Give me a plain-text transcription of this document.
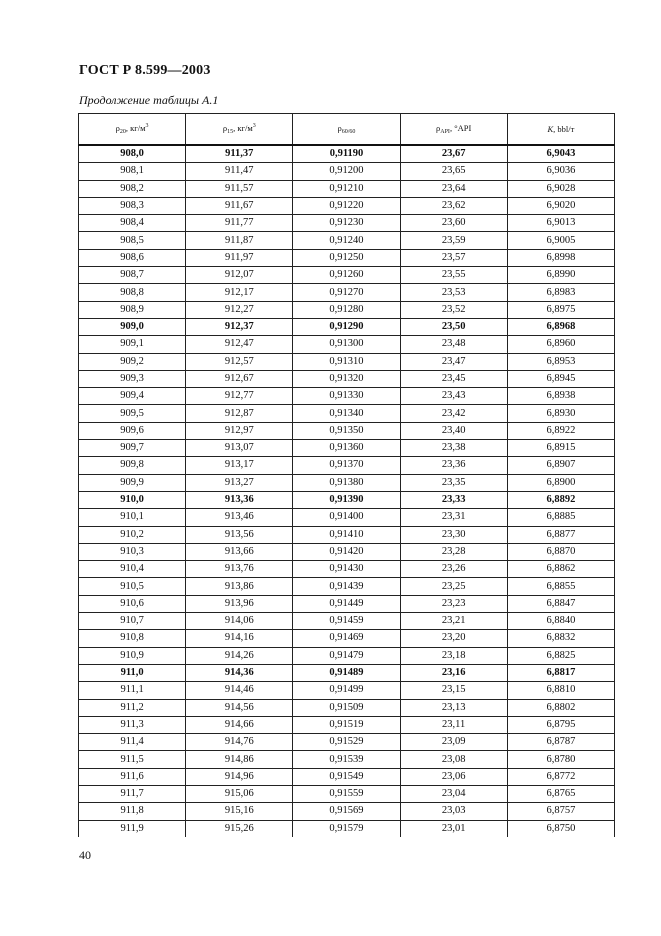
ГОСТ Р 8.599—2003
Продолжение таблицы А.1
$\rho_{20}$, $кг/м^3$	$\rho_{15}$, $кг/м^3$	$\rho_{60/60}$	$\rho_{API}$, °API	K, bbl/т
908,0	911,37	0,91190	23,67	6,9043
908,1	911,47	0,91200	23,65	6,9036
908,2	911,57	0,91210	23,64	6,9028
908,3	911,67	0,91220	23,62	6,9020
908,4	911,77	0,91230	23,60	6,9013
908,5	911,87	0,91240	23,59	6,9005
908,6	911,97	0,91250	23,57	6,8998
908,7	912,07	0,91260	23,55	6,8990
908,8	912,17	0,91270	23,53	6,8983
908,9	912,27	0,91280	23,52	6,8975
909,0	912,37	0,91290	23,50	6,8968
909,1	912,47	0,91300	23,48	6,8960
909,2	912,57	0,91310	23,47	6,8953
909,3	912,67	0,91320	23,45	6,8945
909,4	912,77	0,91330	23,43	6,8938
909,5	912,87	0,91340	23,42	6,8930
909,6	912,97	0,91350	23,40	6,8922
909,7	913,07	0,91360	23,38	6,8915
909,8	913,17	0,91370	23,36	6,8907
909,9	913,27	0,91380	23,35	6,8900
910,0	913,36	0,91390	23,33	6,8892
910,1	913,46	0,91400	23,31	6,8885
910,2	913,56	0,91410	23,30	6,8877
910,3	913,66	0,91420	23,28	6,8870
910,4	913,76	0,91430	23,26	6,8862
910,5	913,86	0,91439	23,25	6,8855
910,6	913,96	0,91449	23,23	6,8847
910,7	914,06	0,91459	23,21	6,8840
910,8	914,16	0,91469	23,20	6,8832
910,9	914,26	0,91479	23,18	6,8825
911,0	914,36	0,91489	23,16	6,8817
911,1	914,46	0,91499	23,15	6,8810
911,2	914,56	0,91509	23,13	6,8802
911,3	914,66	0,91519	23,11	6,8795
911,4	914,76	0,91529	23,09	6,8787
911,5	914,86	0,91539	23,08	6,8780
911,6	914,96	0,91549	23,06	6,8772
911,7	915,06	0,91559	23,04	6,8765
911,8	915,16	0,91569	23,03	6,8757
911,9	915,26	0,91579	23,01	6,8750
40
